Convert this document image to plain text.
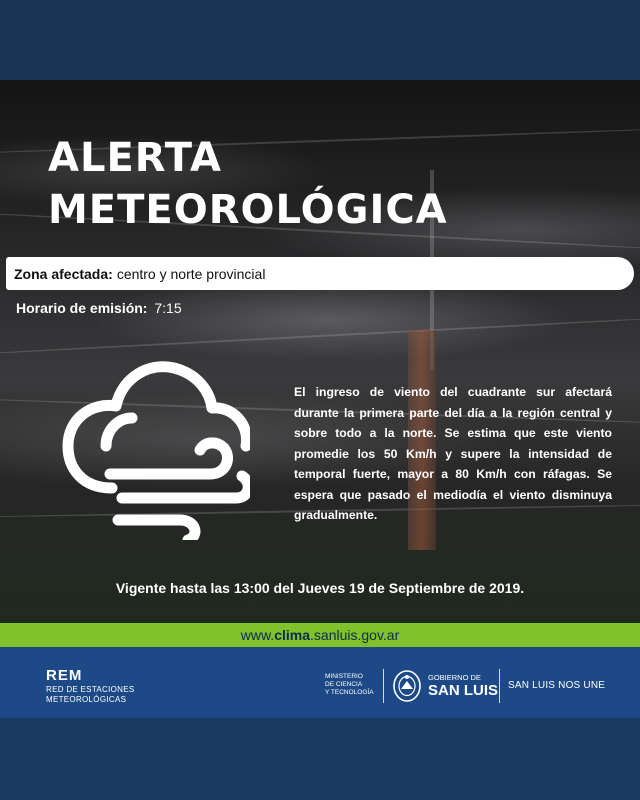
ALERTA
METEOROLÓGICA
Zona afectada: centro y norte provincial
Horario de emisión: 7:15

El ingreso de viento del cuadrante sur afectará durante la primera parte del día a la región central y sobre todo a la norte. Se estima que este viento promedie los 50 Km/h y supere la intensidad de temporal fuerte, mayor a 80 Km/h con ráfagas. Se espera que pasado el mediodía el viento disminuya gradualmente.

Vigente hasta las 13:00 del Jueves 19 de Septiembre de 2019.
www.clima.sanluis.gov.ar
REM
RED DE ESTACIONES
METEOROLÓGICAS
MINISTERIO
DE CIENCIA
Y TECNOLOGÍA
GOBIERNO DE
SAN LUIS SAN LUIS NOS UNE
